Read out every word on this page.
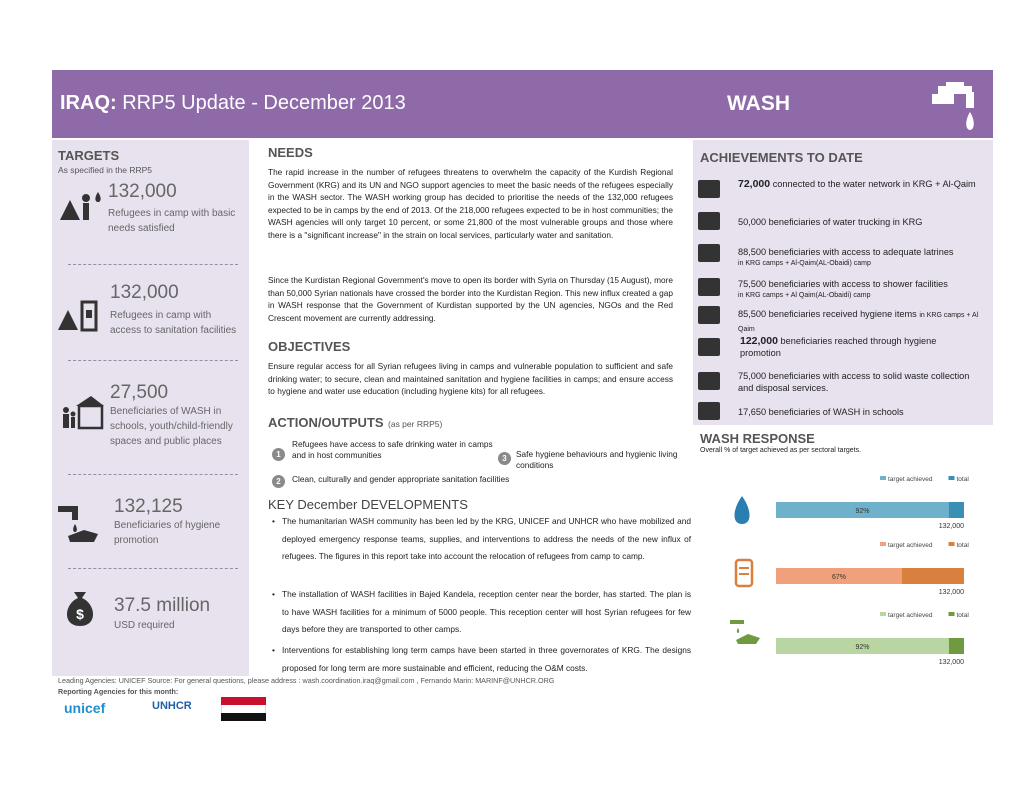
IRAQ: RRP5 Update - December 2013	WASH
TARGETS
As specified in the RRP5
132,000
Refugees in camp with basic needs satisfied
132,000
Refugees in camp with access to sanitation facilities
27,500
Beneficiaries of WASH in schools, youth/child-friendly spaces and public places
132,125
Beneficiaries of hygiene promotion
$ 37.5 million
USD required
NEEDS
The rapid increase in the number of refugees threatens to overwhelm the capacity of the Kurdish Regional Government (KRG) and its UN and NGO support agencies to meet the basic needs of the refugees especially in the WASH sector. The WASH working group has decided to prioritise the needs of the 132,000 refugees expected to be in camps by the end of 2013. Of the 218,000 refugees expected to be in host communities; the WASH agencies will only target 10 percent, or some 21,800 of the most vulnerable groups and those where there is a "significant increase" in the strain on local services, particularly water and sanitation.
Since the Kurdistan Regional Government's move to open its border with Syria on Thursday (15 August), more than 50,000 Syrian nationals have crossed the border into the Kurdistan Region. This new influx created a gap in WASH response that the Government of Kurdistan supported by the UN agencies, NGOs and the Red Crescent movement are currently addressing.
OBJECTIVES
Ensure regular access for all Syrian refugees living in camps and vulnerable population to sufficient and safe drinking water; to secure, clean and maintained sanitation and hygiene facilities in camps; and ensure access to hygiene and water use education (including hygiene kits) for all refugees.
ACTION/OUTPUTS (as per RRP5)
1
Refugees have access to safe drinking water in camps and in host communities
2	Clean, culturally and gender appropriate sanitation facilities
3	Safe hygiene behaviours and hygienic living conditions
KEY December DEVELOPMENTS
• The humanitarian WASH community has been led by the KRG, UNICEF and UNHCR who have mobilized and deployed emergency response teams, supplies, and interventions to address the needs of the new influx of refugees. The figures in this report take into account the relocation of refugees from camp to camp.
• The installation of WASH facilities in Bajed Kandela, reception center near the border, has started. The plan is to have WASH facilities for a minimum of 5000 people. This reception center will host Syrian refugees for few days before they are transported to other camps.
• Interventions for establishing long term camps have been started in three governorates of KRG. The designs proposed for long term are more sustainable and efficient, reducing the O&M costs.
ACHIEVEMENTS TO DATE
72,000 connected to the water network in KRG + Al-Qaim
50,000 beneficiaries of water trucking in KRG
88,500 beneficiaries with access to adequate latrines
in KRG camps + Al-Qaim(AL-Obaidi) camp
75,500 beneficiaries with access to shower facilities
in KRG camps + Al Qaim(AL-Obaidi) camp
85,500 beneficiaries received hygiene items in KRG camps + Al Qaim
122,000 beneficiaries reached through hygiene promotion
75,000 beneficiaries with access to solid waste collection and disposal services.
17,650 beneficiaries of WASH in schools
WASH RESPONSE
Overall % of target achieved as per sectoral targets.
target achieved	total
92%
132,000
target achieved	total
67%
132,000
target achieved	total
92%
132,000
Leading Agencies: UNICEF Source: For general questions, please address : wash.coordination.iraq@gmail.com , Fernando Marin: MARINF@UNHCR.ORG
Reporting Agencies for this month:
unicef	UNHCR
